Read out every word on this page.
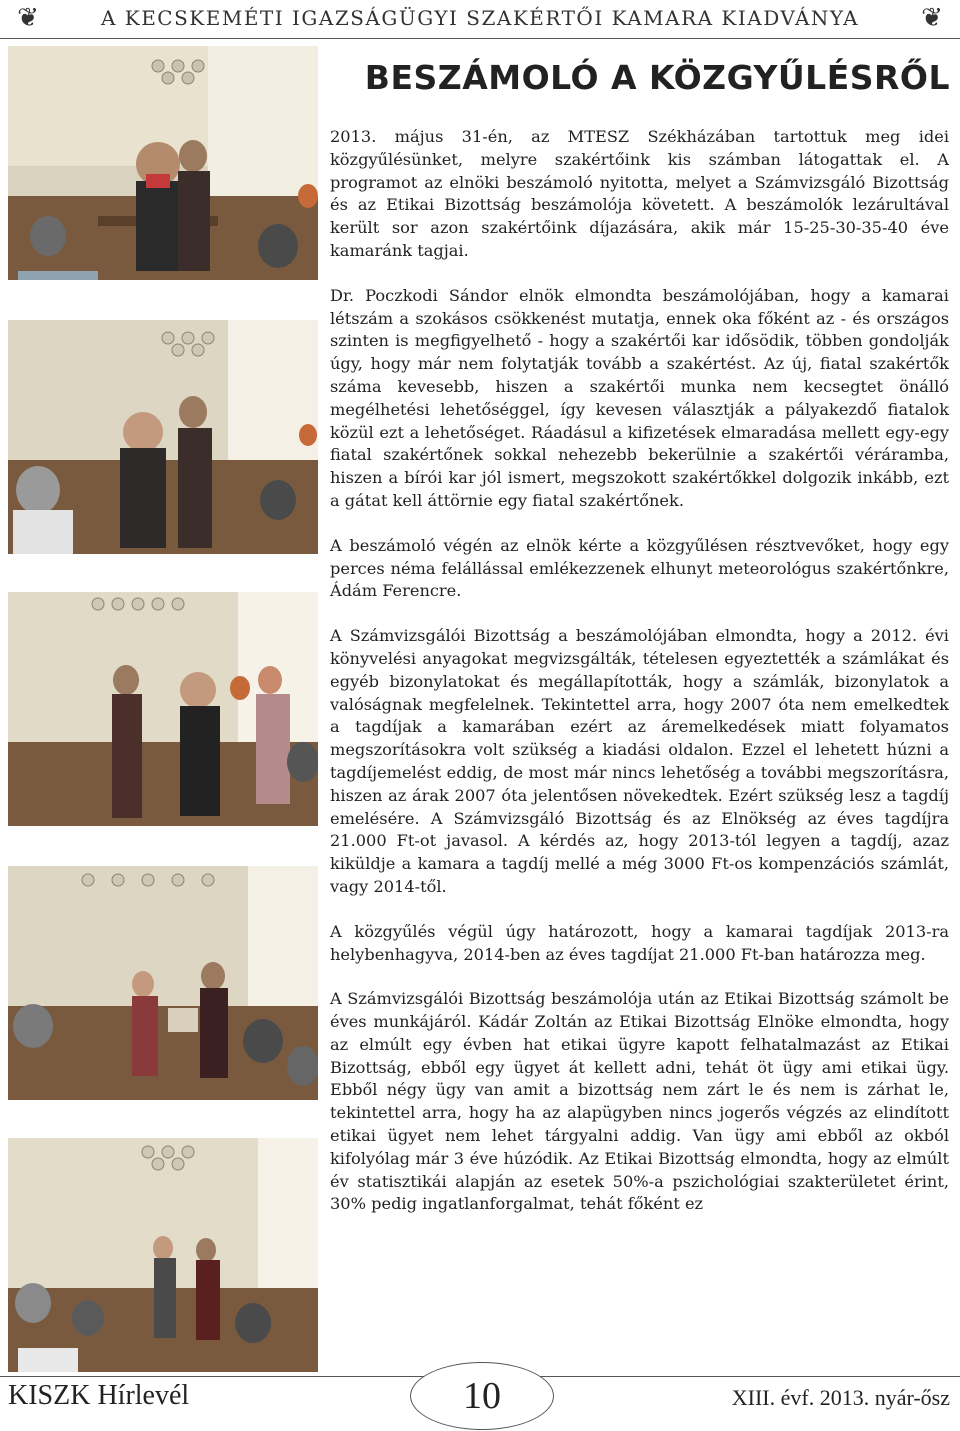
❦	A KECSKEMÉTI IGAZSÁGÜGYI SZAKÉRTŐI KAMARA KIADVÁNYA	❦
BESZÁMOLÓ A KÖZGYŰLÉSRŐL

2013. május 31-én, az MTESZ Székházában tartottuk meg idei közgyűlésünket, melyre szakértőink kis számban látogattak el. A programot az elnöki beszámoló nyitotta, melyet a Számvizsgáló Bizottság és az Etikai Bizottság beszámolója követett. A beszámolók lezárultával került sor azon szakértőink díjazására, akik már 15-25-30-35-40 éve kamaránk tagjai.

Dr. Poczkodi Sándor elnök elmondta beszámolójában, hogy a kamarai létszám a szokásos csökkenést mutatja, ennek oka főként az - és országos szinten is megfigyelhető - hogy a szakértői kar idősödik, többen gondolják úgy, hogy már nem folytatják tovább a szakértést. Az új, fiatal szakértők száma kevesebb, hiszen a szakértői munka nem kecsegtet önálló megélhetési lehetőséggel, így kevesen választják a pályakezdő fiatalok közül ezt a lehetőséget. Ráadásul a kifizetések elmaradása mellett egy-egy fiatal szakértőnek sokkal nehezebb bekerülnie a szakértői véráramba, hiszen a bírói kar jól ismert, megszokott szakértőkkel dolgozik inkább, ezt a gátat kell áttörnie egy fiatal szakértőnek.

A beszámoló végén az elnök kérte a közgyűlésen résztvevőket, hogy egy perces néma felállással emlékezzenek elhunyt meteorológus szakértőnkre, Ádám Ferencre.

A Számvizsgálói Bizottság a beszámolójában elmondta, hogy a 2012. évi könyvelési anyagokat megvizsgálták, tételesen egyeztették a számlákat és egyéb bizonylatokat és megállapították, hogy a számlák, bizonylatok a valóságnak megfelelnek. Tekintettel arra, hogy 2007 óta nem emelkedtek a tagdíjak a kamarában ezért az áremelkedések miatt folyamatos megszorításokra volt szükség a kiadási oldalon. Ezzel el lehetett húzni a tagdíjemelést eddig, de most már nincs lehetőség a további megszorításra, hiszen az árak 2007 óta jelentősen növekedtek. Ezért szükség lesz a tagdíj emelésére. A Számvizsgáló Bizottság és az Elnökség az éves tagdíjra 21.000 Ft-ot javasol. A kérdés az, hogy 2013-tól legyen a tagdíj, azaz kiküldje a kamara a tagdíj mellé a még 3000 Ft-os kompenzációs számlát, vagy 2014-től.

A közgyűlés végül úgy határozott, hogy a kamarai tagdíjak 2013-ra helybenhagyva, 2014-ben az éves tagdíjat 21.000 Ft-ban határozza meg.

A Számvizsgálói Bizottság beszámolója után az Etikai Bizottság számolt be éves munkájáról. Kádár Zoltán az Etikai Bizottság Elnöke elmondta, hogy az elmúlt egy évben hat etikai ügyre kapott felhatalmazást az Etikai Bizottság, ebből egy ügyet át kellett adni, tehát öt ügy ami etikai ügy. Ebből négy ügy van amit a bizottság nem zárt le és nem is zárhat le, tekintettel arra, hogy ha az alapügyben nincs jogerős végzés az elindított etikai ügyet nem lehet tárgyalni addig. Van ügy ami ebből az okból kifolyólag már 3 éve húzódik. Az Etikai Bizottság elmondta, hogy az elmúlt év statisztikái alapján az esetek 50%-a pszichológiai szakterületet érint, 30% pedig ingatlanforgalmat, tehát főként ez

KISZK Hírlevél	10	XIII. évf. 2013. nyár-ősz
